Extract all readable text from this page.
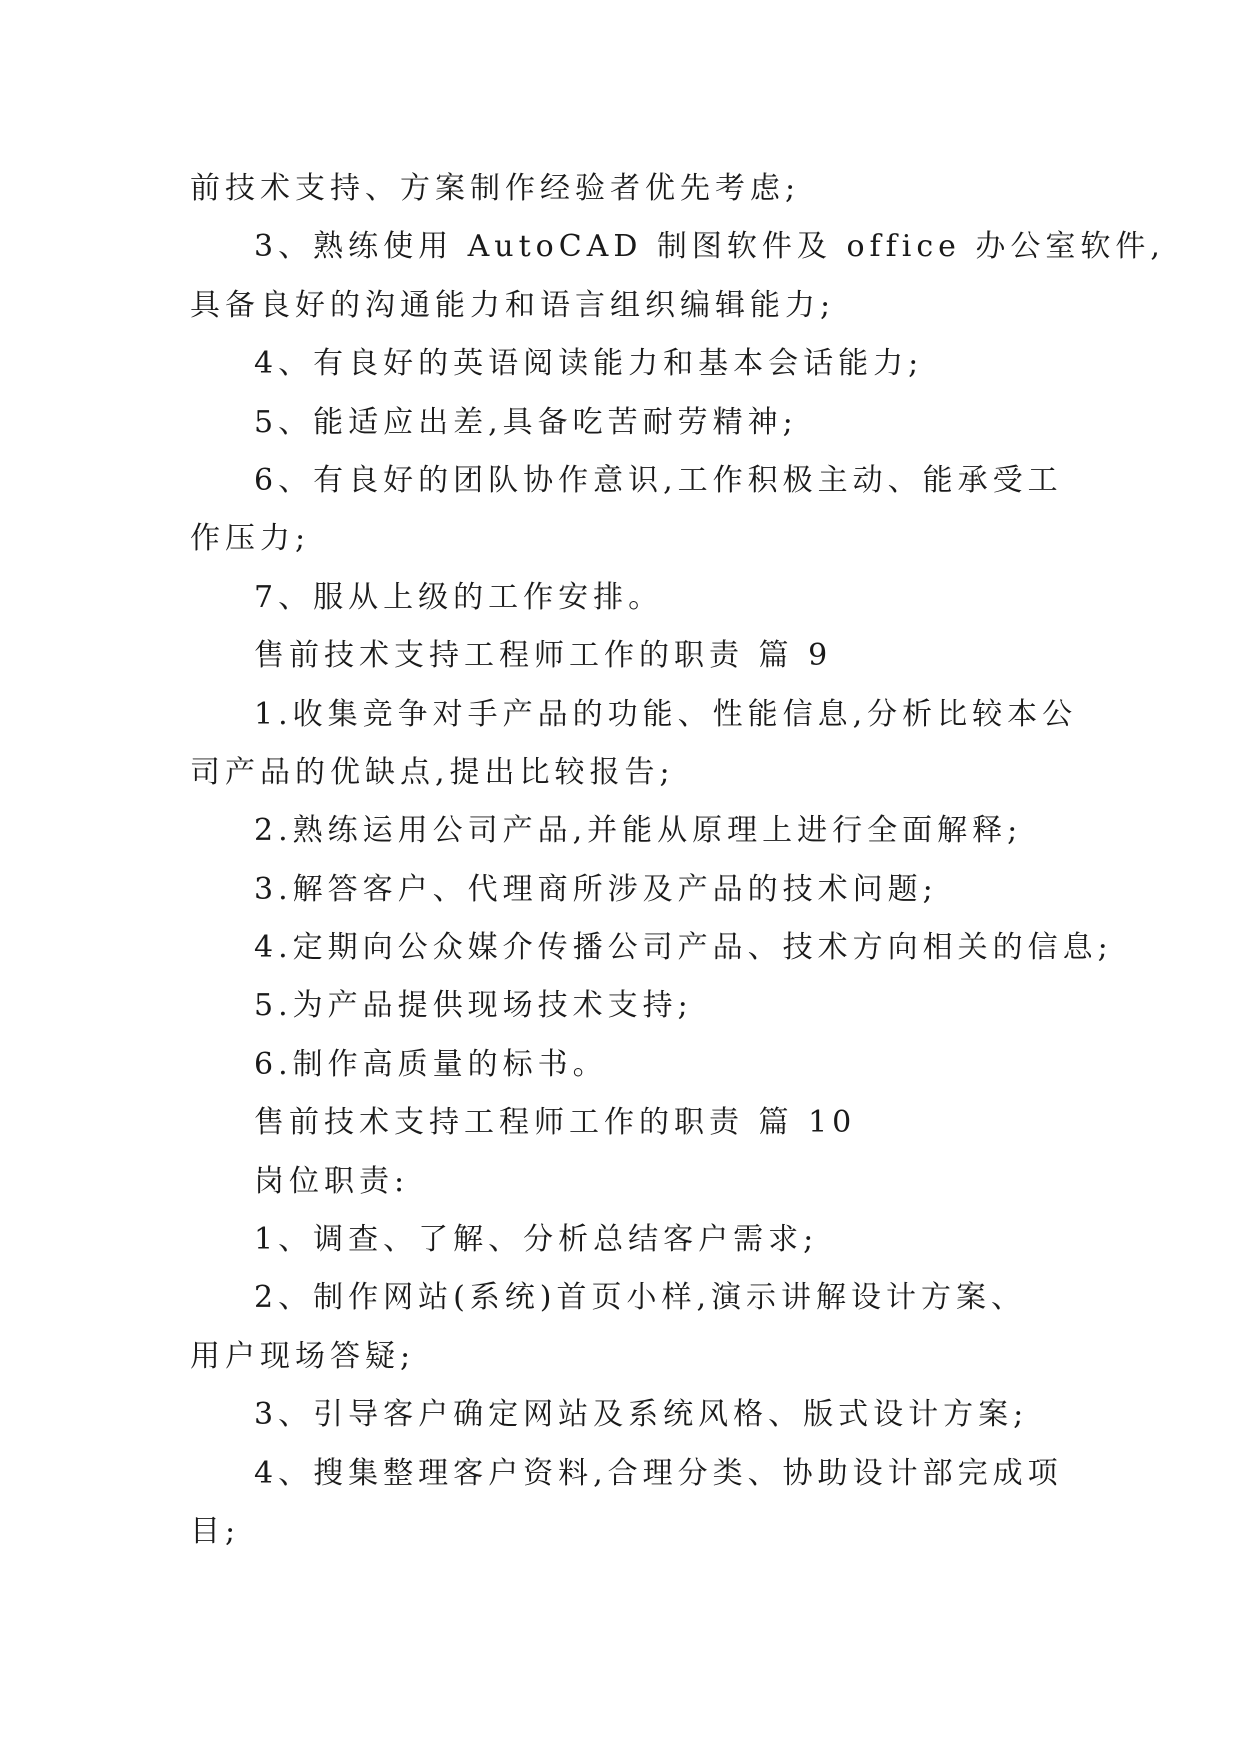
前技术支持、方案制作经验者优先考虑;
3、熟练使用 AutoCAD 制图软件及 office 办公室软件,
具备良好的沟通能力和语言组织编辑能力;
4、有良好的英语阅读能力和基本会话能力;
5、能适应出差,具备吃苦耐劳精神;
6、有良好的团队协作意识,工作积极主动、能承受工
作压力;
7、服从上级的工作安排。
售前技术支持工程师工作的职责 篇 9
1.收集竞争对手产品的功能、性能信息,分析比较本公
司产品的优缺点,提出比较报告;
2.熟练运用公司产品,并能从原理上进行全面解释;
3.解答客户、代理商所涉及产品的技术问题;
4.定期向公众媒介传播公司产品、技术方向相关的信息;
5.为产品提供现场技术支持;
6.制作高质量的标书。
售前技术支持工程师工作的职责 篇 10
岗位职责:
1、调查、了解、分析总结客户需求;
2、制作网站(系统)首页小样,演示讲解设计方案、
用户现场答疑;
3、引导客户确定网站及系统风格、版式设计方案;
4、搜集整理客户资料,合理分类、协助设计部完成项
目;
